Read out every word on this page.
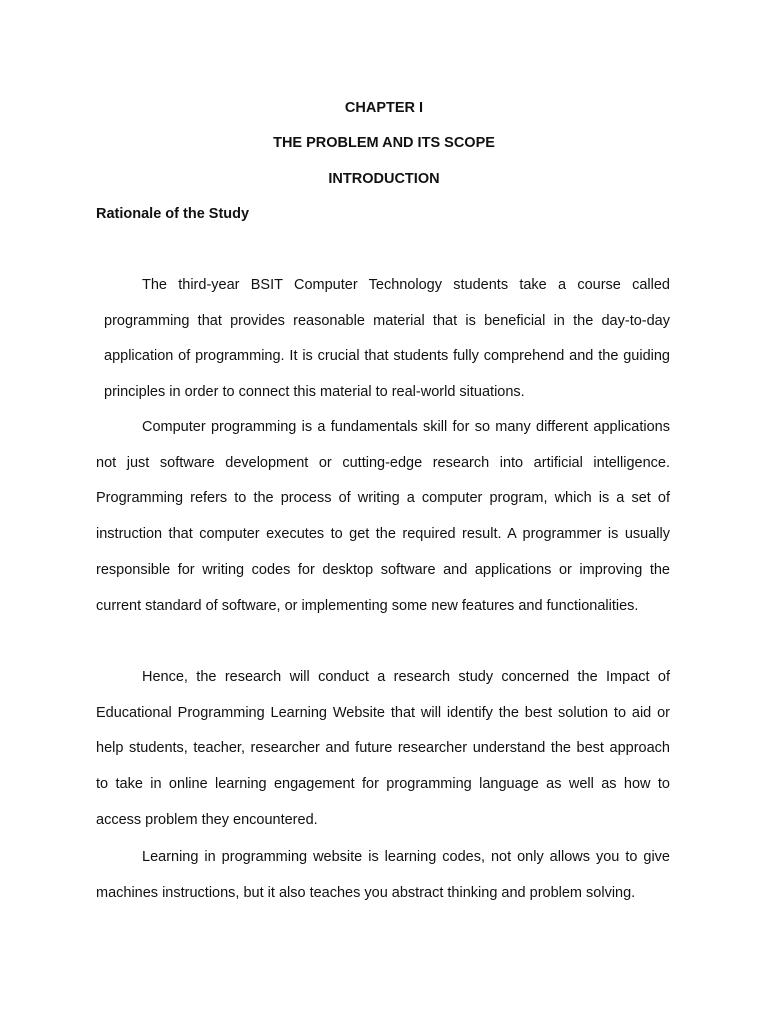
CHAPTER I
THE PROBLEM AND ITS SCOPE
INTRODUCTION
Rationale of the Study

The third-year BSIT Computer Technology students take a course called programming that provides reasonable material that is beneficial in the day-to-day application of programming. It is crucial that students fully comprehend and the guiding principles in order to connect this material to real-world situations.

Computer programming is a fundamentals skill for so many different applications not just software development or cutting-edge research into artificial intelligence. Programming refers to the process of writing a computer program, which is a set of instruction that computer executes to get the required result. A programmer is usually responsible for writing codes for desktop software and applications or improving the current standard of software, or implementing some new features and functionalities.

Hence, the research will conduct a research study concerned the Impact of Educational Programming Learning Website that will identify the best solution to aid or help students, teacher, researcher and future researcher understand the best approach to take in online learning engagement for programming language as well as how to access problem they encountered.

Learning in programming website is learning codes, not only allows you to give machines instructions, but it also teaches you abstract thinking and problem solving.
